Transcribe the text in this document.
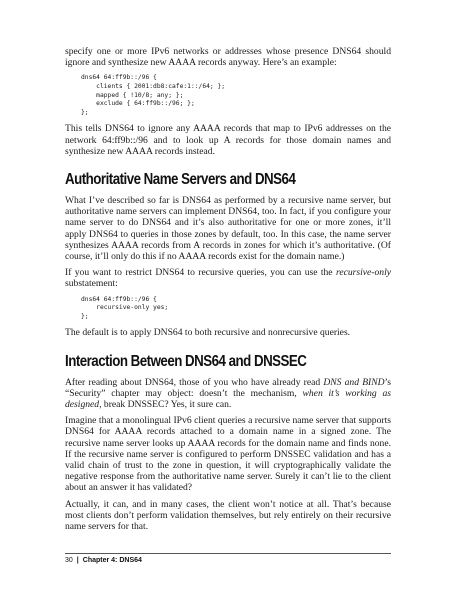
specify one or more IPv6 networks or addresses whose presence DNS64 should ignore and synthesize new AAAA records anyway. Here’s an example:

dns64 64:ff9b::/96 {
clients { 2001:db8:cafe:1::/64; };
mapped { !10/8; any; };
exclude { 64:ff9b::/96; };
};

This tells DNS64 to ignore any AAAA records that map to IPv6 addresses on the network 64:ff9b::/96 and to look up A records for those domain names and synthesize new AAAA records instead.

Authoritative Name Servers and DNS64

What I’ve described so far is DNS64 as performed by a recursive name server, but authoritative name servers can implement DNS64, too. In fact, if you configure your name server to do DNS64 and it’s also authoritative for one or more zones, it’ll apply DNS64 to queries in those zones by default, too. In this case, the name server synthesizes AAAA records from A records in zones for which it’s authoritative. (Of course, it’ll only do this if no AAAA records exist for the domain name.)

If you want to restrict DNS64 to recursive queries, you can use the recursive-only substatement:

dns64 64:ff9b::/96 {
recursive-only yes;
};

The default is to apply DNS64 to both recursive and nonrecursive queries.

Interaction Between DNS64 and DNSSEC

After reading about DNS64, those of you who have already read DNS and BIND’s “Security” chapter may object: doesn’t the mechanism, when it’s working as designed, break DNSSEC? Yes, it sure can.

Imagine that a monolingual IPv6 client queries a recursive name server that supports DNS64 for AAAA records attached to a domain name in a signed zone. The recursive name server looks up AAAA records for the domain name and finds none. If the recursive name server is configured to perform DNSSEC validation and has a valid chain of trust to the zone in question, it will cryptographically validate the negative response from the authoritative name server. Surely it can’t lie to the client about an answer it has validated?

Actually, it can, and in many cases, the client won’t notice at all. That’s because most clients don’t perform validation themselves, but rely entirely on their recursive name servers for that.

30 | Chapter 4: DNS64
